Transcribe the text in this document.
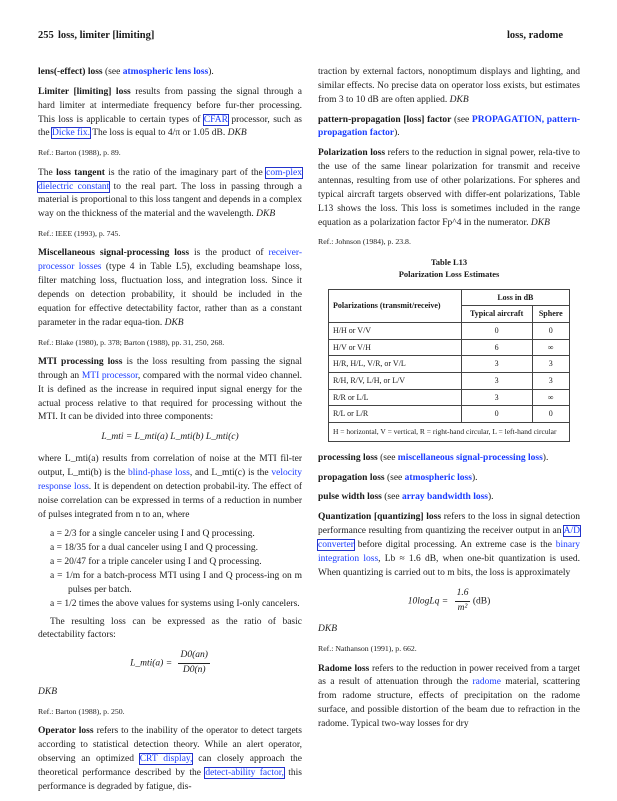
255 loss, limiter [limiting]	loss, radome

lens(-effect) loss (see atmospheric lens loss).

Limiter [limiting] loss results from passing the signal through a hard limiter at intermediate frequency before fur-ther processing. This loss is applicable to certain types of CFAR processor, such as the Dicke fix. The loss is equal to 4/π or 1.05 dB. DKB

Ref.: Barton (1988), p. 89.

The loss tangent is the ratio of the imaginary part of the com-plex dielectric constant to the real part. The loss in passing through a material is proportional to this loss tangent and depends in a complex way on the thickness of the material and the wavelength. DKB

Ref.: IEEE (1993), p. 745.

Miscellaneous signal-processing loss is the product of receiver-processor losses (type 4 in Table L5), excluding beamshape loss, filter matching loss, fluctuation loss, and integration loss. Since it depends on detection probability, it should be included in the equation for effective detectability factor, rather than as a constant parameter in the radar equa-tion. DKB

Ref.: Blake (1980), p. 378; Barton (1988), pp. 31, 250, 268.

MTI processing loss is the loss resulting from passing the signal through an MTI processor, compared with the normal video channel. It is defined as the increase in required input signal energy for the actual process relative to that required for processing without the MTI. It can be divided into three components:

L_mti = L_mti(a) L_mti(b) L_mti(c)

where L_mti(a) results from correlation of noise at the MTI fil-ter output, L_mti(b) is the blind-phase loss, and L_mti(c) is the velocity response loss. It is dependent on detection probabil-ity. The effect of noise correlation can be expressed in terms of a reduction in number of pulses integrated from n to an, where

a = 2/3 for a single canceler using I and Q processing.
a = 18/35 for a dual canceler using I and Q processing.
a = 20/47 for a triple canceler using I and Q processing.
a = 1/m for a batch-process MTI using I and Q process-ing on m pulses per batch.
a = 1/2 times the above values for systems using I-only cancelers.

The resulting loss can be expressed as the ratio of basic detectability factors:

L_mti(a) = $\frac{D0(an)}{D0(n)}$

DKB

Ref.: Barton (1988), p. 250.

Operator loss refers to the inability of the operator to detect targets according to statistical detection theory. While an alert operator, observing an optimized CRT display, can closely approach the theoretical performance described by the detect-ability factor, this performance is degraded by fatigue, dis-

traction by external factors, nonoptimum displays and lighting, and similar effects. No precise data on operator loss exists, but estimates from 3 to 10 dB are often applied. DKB

pattern-propagation [loss] factor (see PROPAGATION, pattern-propagation factor).

Polarization loss refers to the reduction in signal power, rela-tive to the use of the same linear polarization for transmit and receive antennas, resulting from use of other polarizations. For spheres and typical aircraft targets observed with differ-ent polarizations, Table L13 shows the loss. This loss is sometimes included in the range equation as a polarization factor Fp^4 in the numerator. DKB

Ref.: Johnson (1984), p. 23.8.

Table L13
Polarization Loss Estimates
Polarizations (transmit/receive)	Loss in dB	
	Typical aircraft	Sphere
H/H or V/V	0	0
H/V or V/H	6	∞
H/R, H/L, V/R, or V/L	3	3
R/H, R/V, L/H, or L/V	3	3
R/R or L/L	3	∞
R/L or L/R	0	0
H = horizontal, V = vertical, R = right-hand circular, L = left-hand circular		

processing loss (see miscellaneous signal-processing loss).

propagation loss (see atmospheric loss).

pulse width loss (see array bandwidth loss).

Quantization [quantizing] loss refers to the loss in signal detection performance resulting from quantizing the receiver output in an A/D converter before digital processing. An extreme case is the binary integration loss, Lb ≈ 1.6 dB, when one-bit quantization is used. When quantizing is carried out to m bits, the loss is approximately

10logLq = $\frac{1.6}{\text{m²}} (dB)$

DKB

Ref.: Nathanson (1991), p. 662.

Radome loss refers to the reduction in power received from a target as a result of attenuation through the radome material, scattering from radome structure, effects of precipitation on the radome surface, and possible distortion of the beam due to refraction in the radome. Typical two-way losses for dry
